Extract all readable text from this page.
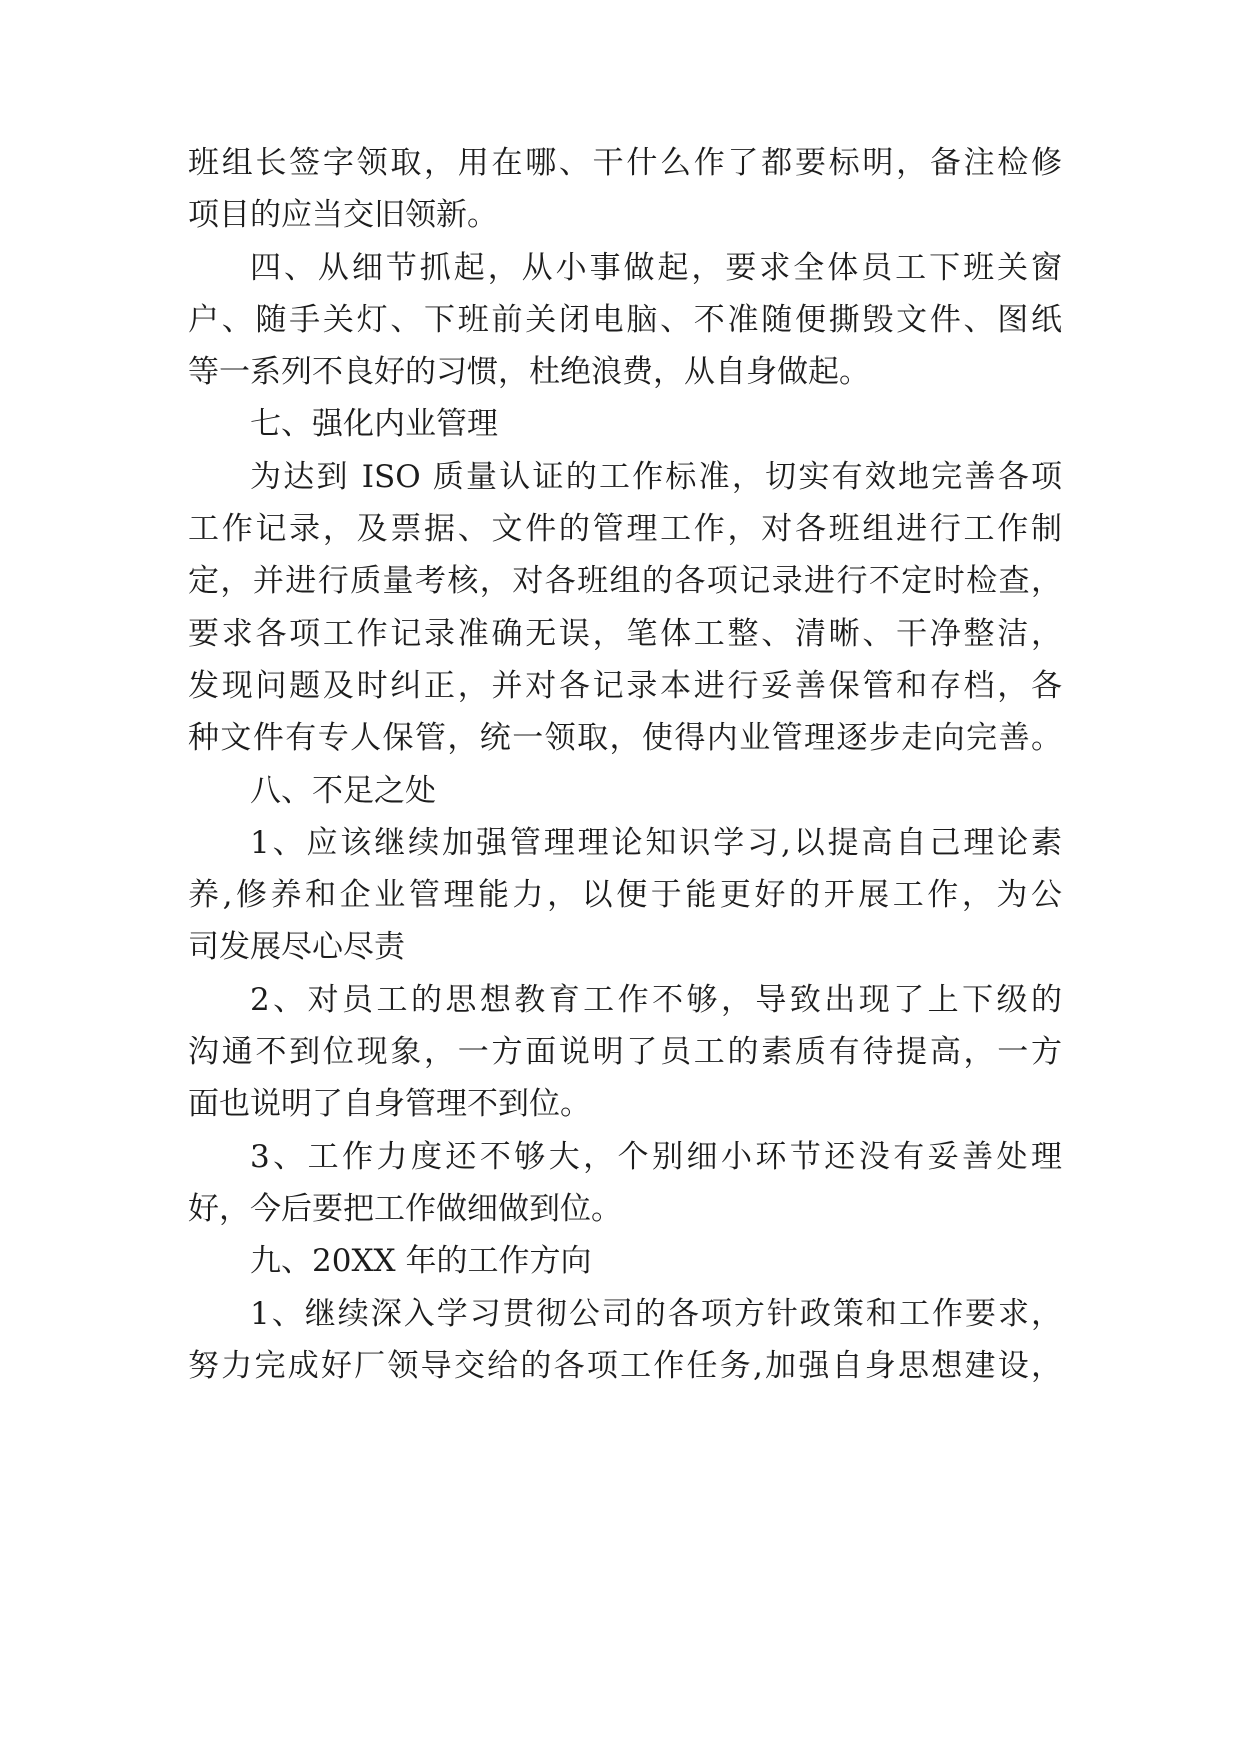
班组长签字领取，用在哪、干什么作了都要标明，备注检修
项目的应当交旧领新。
四、从细节抓起，从小事做起，要求全体员工下班关窗
户、随手关灯、下班前关闭电脑、不准随便撕毁文件、图纸
等一系列不良好的习惯，杜绝浪费，从自身做起。
七、强化内业管理
为达到 ISO 质量认证的工作标准，切实有效地完善各项
工作记录，及票据、文件的管理工作，对各班组进行工作制
定，并进行质量考核，对各班组的各项记录进行不定时检查，
要求各项工作记录准确无误，笔体工整、清晰、干净整洁，
发现问题及时纠正，并对各记录本进行妥善保管和存档，各
种文件有专人保管，统一领取，使得内业管理逐步走向完善。
八、不足之处
1、应该继续加强管理理论知识学习,以提高自己理论素
养,修养和企业管理能力，以便于能更好的开展工作，为公
司发展尽心尽责
2、对员工的思想教育工作不够，导致出现了上下级的
沟通不到位现象，一方面说明了员工的素质有待提高，一方
面也说明了自身管理不到位。
3、工作力度还不够大，个别细小环节还没有妥善处理
好，今后要把工作做细做到位。
九、20XX 年的工作方向
1、继续深入学习贯彻公司的各项方针政策和工作要求，
努力完成好厂领导交给的各项工作任务,加强自身思想建设，
